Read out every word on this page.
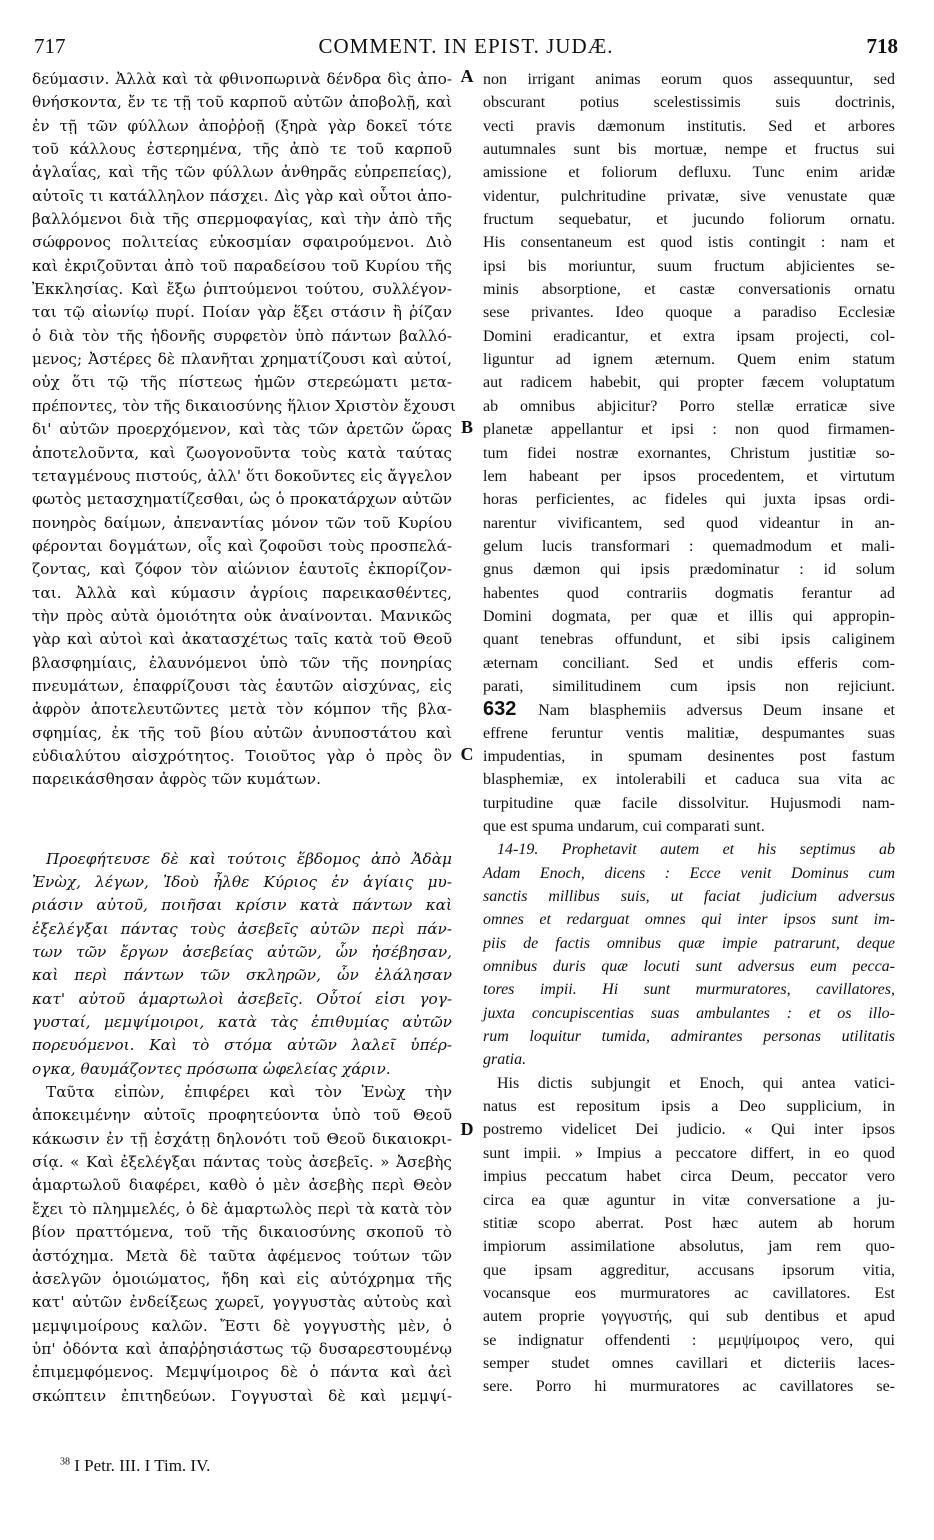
717	COMMENT. IN EPIST. JUDÆ.	718
δεύμασιν. Ἀλλὰ καὶ τὰ φθινοπωρινὰ δένδρα δὶς ἀπο-
θνήσκοντα, ἔν τε τῇ τοῦ καρποῦ αὐτῶν ἀποβολῇ, καὶ
ἐν τῇ τῶν φύλλων ἀποῤῥοῇ (ξηρὰ γὰρ δοκεῖ τότε
τοῦ κάλλους ἐστερημένα, τῆς ἀπὸ τε τοῦ καρποῦ
ἀγλαΐας, καὶ τῆς τῶν φύλλων ἀνθηρᾶς εὐπρεπείας),
αὐτοῖς τι κατάλληλον πάσχει. Δὶς γὰρ καὶ οὗτοι ἀπο-
βαλλόμενοι διὰ τῆς σπερμοφαγίας, καὶ τὴν ἀπὸ τῆς
σώφρονος πολιτείας εὐκοσμίαν σφαιρούμενοι. Διὸ
καὶ ἐκριζοῦνται ἀπὸ τοῦ παραδείσου τοῦ Κυρίου τῆς
Ἐκκλησίας. Καὶ ἔξω ῥιπτούμενοι τούτου, συλλέγον-
ται τῷ αἰωνίῳ πυρί. Ποίαν γὰρ ἕξει στάσιν ἢ ῥίζαν
ὁ διὰ τὸν τῆς ἡδονῆς συρφετὸν ὑπὸ πάντων βαλλό-
μενος; Ἀστέρες δὲ πλανῆται χρηματίζουσι καὶ αὐτοί,
οὐχ ὅτι τῷ τῆς πίστεως ἡμῶν στερεώματι μετα-
πρέποντες, τὸν τῆς δικαιοσύνης ἥλιον Χριστὸν ἔχουσι
δι' αὐτῶν προερχόμενον, καὶ τὰς τῶν ἀρετῶν ὥρας
ἀποτελοῦντα, καὶ ζωογονοῦντα τοὺς κατὰ ταύτας
τεταγμένους πιστούς, ἀλλ' ὅτι δοκοῦντες εἰς ἄγγελον
φωτὸς μετασχηματίζεσθαι, ὡς ὁ προκατάρχων αὐτῶν
πονηρὸς δαίμων, ἀπεναντίας μόνον τῶν τοῦ Κυρίου
φέρονται δογμάτων, οἷς καὶ ζοφοῦσι τοὺς προσπελά-
ζοντας, καὶ ζόφον τὸν αἰώνιον ἑαυτοῖς ἐκπορίζον-
ται. Ἀλλὰ καὶ κύμασιν ἀγρίοις παρεικασθέντες,
τὴν πρὸς αὐτὰ ὁμοιότητα οὐκ ἀναίνονται. Μανικῶς
γὰρ καὶ αὐτοὶ καὶ ἀκατασχέτως ταῖς κατὰ τοῦ Θεοῦ
βλασφημίαις, ἐλαυνόμενοι ὑπὸ τῶν τῆς πονηρίας
πνευμάτων, ἐπαφρίζουσι τὰς ἑαυτῶν αἰσχύνας, εἰς
ἀφρὸν ἀποτελευτῶντες μετὰ τὸν κόμπον τῆς βλα-
σφημίας, ἐκ τῆς τοῦ βίου αὐτῶν ἀνυποστάτου καὶ
εὐδιαλύτου αἰσχρότητος. Τοιοῦτος γὰρ ὁ πρὸς ὃν
παρεικάσθησαν ἀφρὸς τῶν κυμάτων.
Προεφήτευσε δὲ καὶ τούτοις ἕβδομος ἀπὸ Ἀδὰμ
Ἐνὼχ, λέγων, Ἰδοὺ ἦλθε Κύριος ἐν ἁγίαις μυ-
ριάσιν αὐτοῦ, ποιῆσαι κρίσιν κατὰ πάντων καὶ
ἐξελέγξαι πάντας τοὺς ἀσεβεῖς αὐτῶν περὶ πάν-
των τῶν ἔργων ἀσεβείας αὐτῶν, ὧν ἠσέβησαν,
καὶ περὶ πάντων τῶν σκληρῶν, ὧν ἐλάλησαν
κατ' αὐτοῦ ἁμαρτωλοὶ ἀσεβεῖς. Οὗτοί εἰσι γογ-
γυσταί, μεμψίμοιροι, κατὰ τὰς ἐπιθυμίας αὐτῶν
πορευόμενοι. Καὶ τὸ στόμα αὐτῶν λαλεῖ ὑπέρ-
ογκα, θαυμάζοντες πρόσωπα ὠφελείας χάριν.
Ταῦτα εἰπὼν, ἐπιφέρει καὶ τὸν Ἐνὼχ τὴν
ἀποκειμένην αὐτοῖς προφητεύοντα ὑπὸ τοῦ Θεοῦ
κάκωσιν ἐν τῇ ἐσχάτῃ δηλονότι τοῦ Θεοῦ δικαιοκρι-
σίᾳ. « Καὶ ἐξελέγξαι πάντας τοὺς ἀσεβεῖς. » Ἀσεβὴς
ἁμαρτωλοῦ διαφέρει, καθὸ ὁ μὲν ἀσεβὴς περὶ Θεὸν
ἔχει τὸ πλημμελές, ὁ δὲ ἁμαρτωλὸς περὶ τὰ κατὰ τὸν
βίον πραττόμενα, τοῦ τῆς δικαιοσύνης σκοποῦ τὸ
ἀστόχημα. Μετὰ δὲ ταῦτα ἀφέμενος τούτων τῶν
ἀσελγῶν ὁμοιώματος, ἤδη καὶ εἰς αὐτόχρημα τῆς
κατ' αὐτῶν ἐνδείξεως χωρεῖ, γογγυστὰς αὐτοὺς καὶ
μεμψιμοίρους καλῶν. Ἔστι δὲ γογγυστὴς μὲν, ὁ
ὑπ' ὀδόντα καὶ ἀπαῤῥησιάστως τῷ δυσαρεστουμένῳ
ἐπιμεμφόμενος. Μεμψίμοιρος δὲ ὁ πάντα καὶ ἀεὶ
σκώπτειν ἐπιτηδεύων. Γογγυσταὶ δὲ καὶ μεμψί-
non irrigant animas eorum quos assequuntur, sed
obscurant potius scelestissimis suis doctrinis,
vecti pravis dæmonum institutis. Sed et arbores
autumnales sunt bis mortuæ, nempe et fructus sui
amissione et foliorum defluxu. Tunc enim aridæ
videntur, pulchritudine privatæ, sive venustate quæ
fructum sequebatur, et jucundo foliorum ornatu.
His consentaneum est quod istis contingit : nam et
ipsi bis moriuntur, suum fructum abjicientes se-
minis absorptione, et castæ conversationis ornatu
sese privantes. Ideo quoque a paradiso Ecclesiæ
Domini eradicantur, et extra ipsam projecti, col-
liguntur ad ignem æternum. Quem enim statum
aut radicem habebit, qui propter fæcem voluptatum
ab omnibus abjicitur? Porro stellæ erraticæ sive
planetæ appellantur et ipsi : non quod firmamen-
tum fidei nostræ exornantes, Christum justitiæ so-
lem habeant per ipsos procedentem, et virtutum
horas perficientes, ac fideles qui juxta ipsas ordi-
narentur vivificantem, sed quod videantur in an-
gelum lucis transformari : quemadmodum et mali-
gnus dæmon qui ipsis prædominatur : id solum
habentes quod contrariis dogmatis ferantur ad
Domini dogmata, per quæ et illis qui appropin-
quant tenebras offundunt, et sibi ipsis caliginem
æternam conciliant. Sed et undis efferis com-
parati, similitudinem cum ipsis non rejiciunt.
632 Nam blasphemiis adversus Deum insane et
effrene feruntur ventis malitiæ, despumantes suas
impudentias, in spumam desinentes post fastum
blasphemiæ, ex intolerabili et caduca sua vita ac
turpitudine quæ facile dissolvitur. Hujusmodi nam-
que est spuma undarum, cui comparati sunt.
14-19. Prophetavit autem et his septimus ab
Adam Enoch, dicens : Ecce venit Dominus cum
sanctis millibus suis, ut faciat judicium adversus
omnes et redarguat omnes qui inter ipsos sunt im-
piis de factis omnibus quæ impie patrarunt, deque
omnibus duris quæ locuti sunt adversus eum pecca-
tores impii. Hi sunt murmuratores, cavillatores,
juxta concupiscentias suas ambulantes : et os illo-
rum loquitur tumida, admirantes personas utilitatis
gratia.
His dictis subjungit et Enoch, qui antea vatici-
natus est repositum ipsis a Deo supplicium, in
postremo videlicet Dei judicio. « Qui inter ipsos
sunt impii. » Impius a peccatore differt, in eo quod
impius peccatum habet circa Deum, peccator vero
circa ea quæ aguntur in vitæ conversatione a ju-
stitiæ scopo aberrat. Post hæc autem ab horum
impiorum assimilatione absolutus, jam rem quo-
que ipsam aggreditur, accusans ipsorum vitia,
vocansque eos murmuratores ac cavillatores. Est
autem proprie γογγυστής, qui sub dentibus et apud
se indignatur offendenti : μεμψίμοιρος vero, qui
semper studet omnes cavillari et dicteriis laces-
sere. Porro hi murmuratores ac cavillatores se-
A
B
C
D
$^{38}$ I Petr. III. I Tim. IV.
